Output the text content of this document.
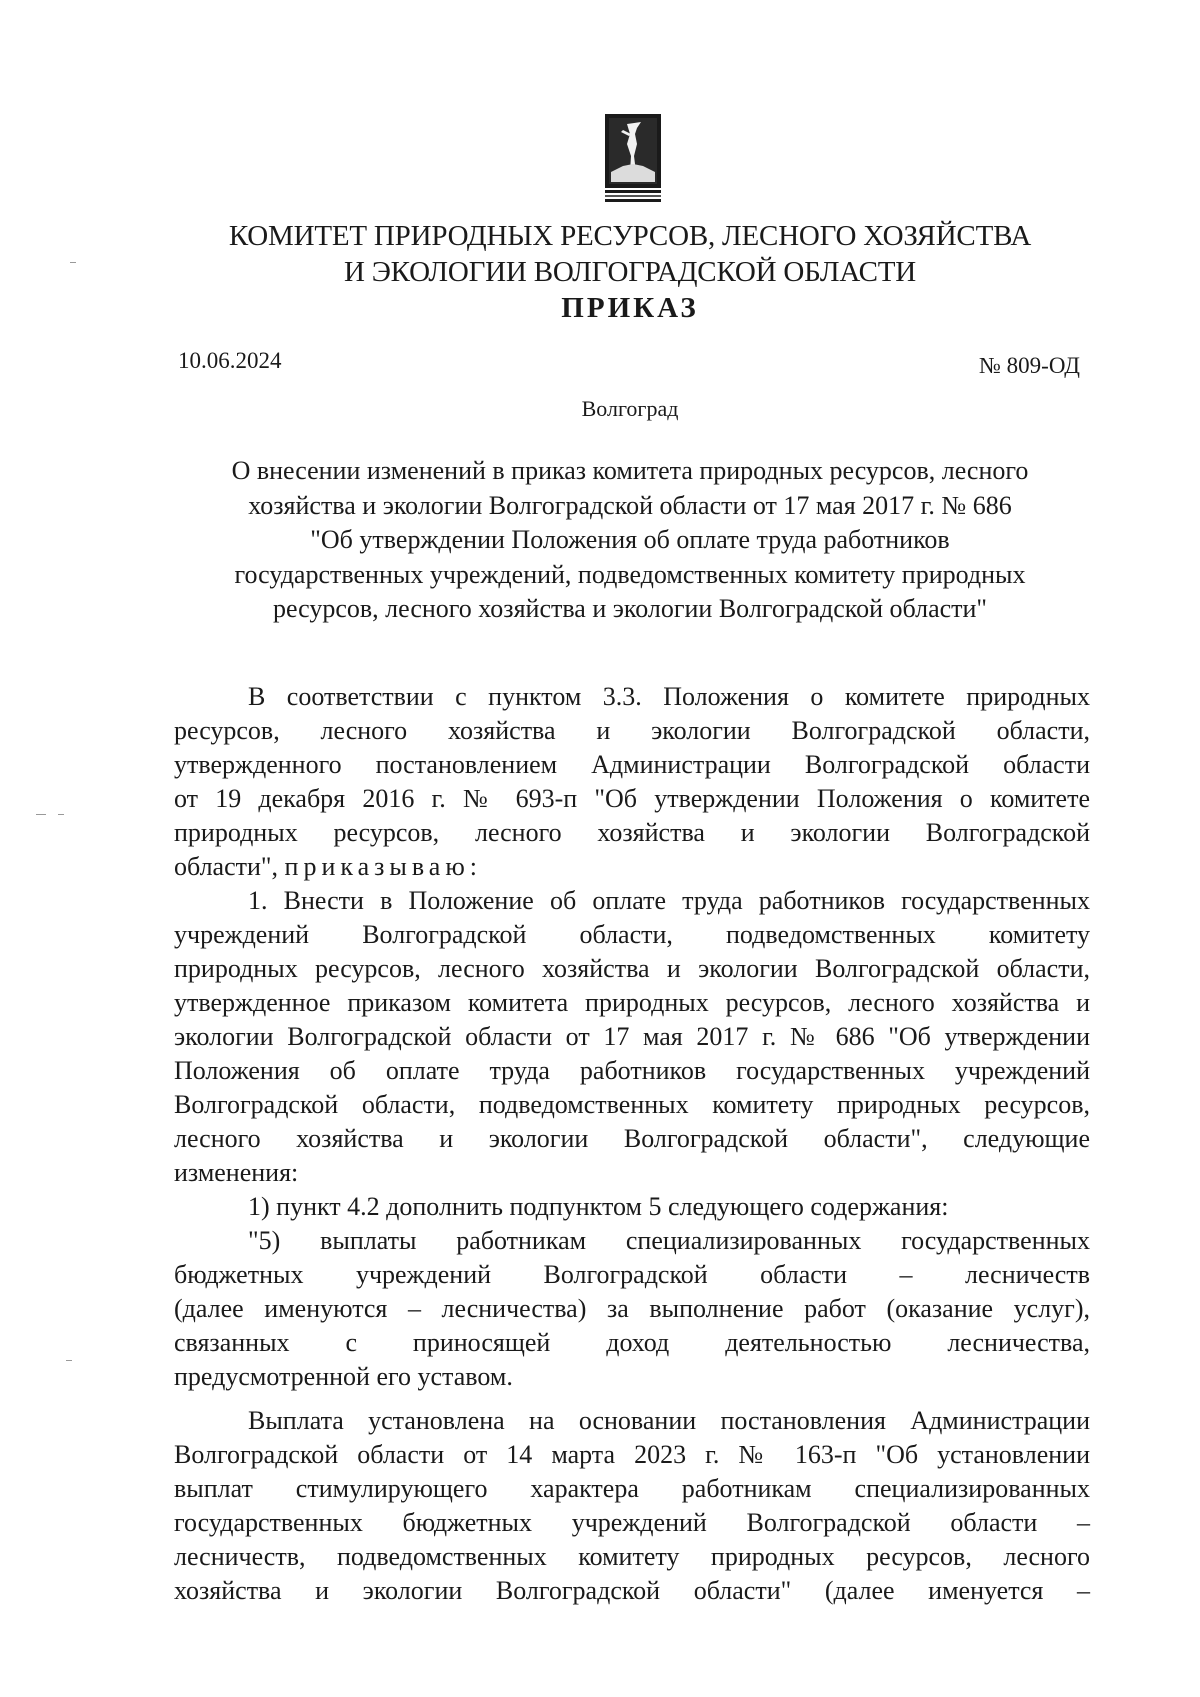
КОМИТЕТ ПРИРОДНЫХ РЕСУРСОВ, ЛЕСНОГО ХОЗЯЙСТВА
И ЭКОЛОГИИ ВОЛГОГРАДСКОЙ ОБЛАСТИ
ПРИКАЗ
10.06.2024	№ 809-ОД
Волгоград
О внесении изменений в приказ комитета природных ресурсов, лесного
хозяйства и экологии Волгоградской области от 17 мая 2017 г. № 686
"Об утверждении Положения об оплате труда работников
государственных учреждений, подведомственных комитету природных
ресурсов, лесного хозяйства и экологии Волгоградской области"
В соответствии с пунктом 3.3. Положения о комитете природных
ресурсов, лесного хозяйства и экологии Волгоградской области,
утвержденного постановлением Администрации Волгоградской области
от 19 декабря 2016 г. № 693-п "Об утверждении Положения о комитете
природных ресурсов, лесного хозяйства и экологии Волгоградской
области", приказываю:
1. Внести в Положение об оплате труда работников государственных
учреждений Волгоградской области, подведомственных комитету
природных ресурсов, лесного хозяйства и экологии Волгоградской области,
утвержденное приказом комитета природных ресурсов, лесного хозяйства и
экологии Волгоградской области от 17 мая 2017 г. № 686 "Об утверждении
Положения об оплате труда работников государственных учреждений
Волгоградской области, подведомственных комитету природных ресурсов,
лесного хозяйства и экологии Волгоградской области", следующие
изменения:
1) пункт 4.2 дополнить подпунктом 5 следующего содержания:
"5) выплаты работникам специализированных государственных
бюджетных учреждений Волгоградской области – лесничеств
(далее именуются – лесничества) за выполнение работ (оказание услуг),
связанных с приносящей доход деятельностью лесничества,
предусмотренной его уставом.
Выплата установлена на основании постановления Администрации
Волгоградской области от 14 марта 2023 г. № 163-п "Об установлении
выплат стимулирующего характера работникам специализированных
государственных бюджетных учреждений Волгоградской области –
лесничеств, подведомственных комитету природных ресурсов, лесного
хозяйства и экологии Волгоградской области" (далее именуется –
